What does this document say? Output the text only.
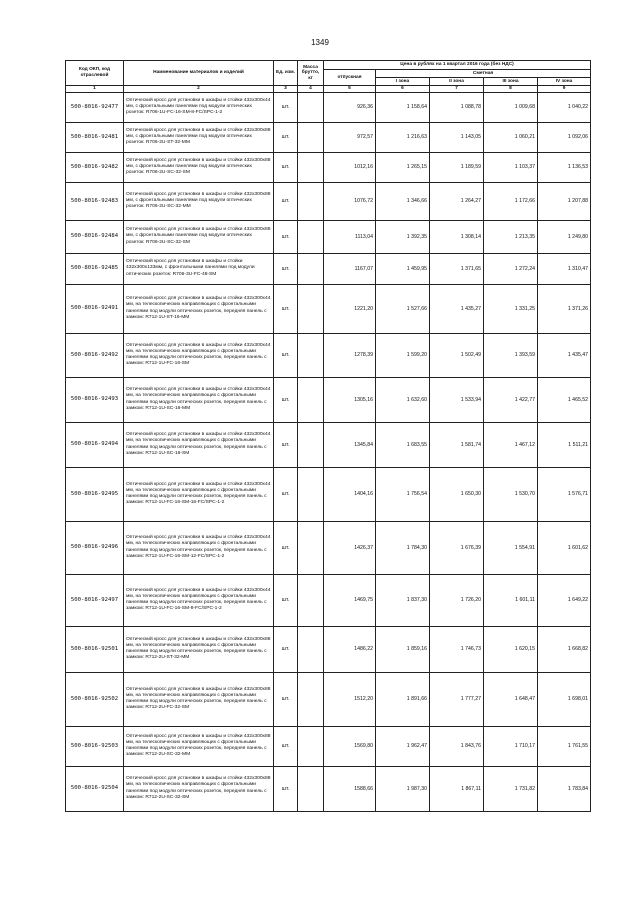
1349
Код ОКП, код отраслевой	Наименование материалов и изделий	Ед. изм.	Масса брутто, кг	Цена в рублях на 1 квартал 2016 года (без НДС)				
				отпускная	Сметная			
					I зона	II зона	III зона	IV зона
1	2	3	4	5	6	7	8	9
500-8016-92477	Оптический кросс для установки в шкафы и стойки 432x300x44 мм, с фронтальными панелями под модули оптических розеток: R706-1U-FC-16-SM-8-FC/SPC-1-2	шт.		926,36	1 158,64	1 088,78	1 009,68	1 040,22
500-8016-92481	Оптический кросс для установки в шкафы и стойки 432x300x88 мм, с фронтальными панелями под модули оптических розеток: R706-2U-ST-32-MM	шт.		972,57	1 216,63	1 143,05	1 060,21	1 092,06
500-8016-92482	Оптический кросс для установки в шкафы и стойки 432x300x88 мм, с фронтальными панелями под модули оптических розеток: R706-2U-SC-32-SM	шт.		1012,16	1 265,15	1 189,59	1 103,37	1 136,53
500-8016-92483	Оптический кросс для установки в шкафы и стойки 432x300x88 мм, с фронтальными панелями под модули оптических розеток: R706-2U-SC-32-MM	шт.		1076,72	1 346,66	1 264,27	1 172,66	1 207,88
500-8016-92484	Оптический кросс для установки в шкафы и стойки 432x300x88 мм, с фронтальными панелями под модули оптических розеток: R706-2U-SC-32-SM	шт.		1113,04	1 392,35	1 308,14	1 213,35	1 249,80
500-8016-92485	Оптический кросс для установки в шкафы и стойки 432x300x133мм, с фронтальными панелями под модули оптических розеток: R706-3U-FC-48-SM	шт.		1167,07	1 459,95	1 371,65	1 272,24	1 310,47
500-8016-92491	Оптический кросс для установки в шкафы и стойки 432x300x44 мм, на телескопических направляющих с фронтальными панелями под модули оптических розеток, передняя панель с замком: R712-1U-ST-16-MM	шт.		1221,20	1 527,66	1 435,27	1 331,25	1 371,26
500-8016-92492	Оптический кросс для установки в шкафы и стойки 432x300x44 мм, на телескопических направляющих с фронтальными панелями под модули оптических розеток, передняя панель с замком: R712-1U-FC-16-SM	шт.		1278,39	1 599,20	1 502,49	1 393,59	1 435,47
500-8016-92493	Оптический кросс для установки в шкафы и стойки 432x300x44 мм, на телескопических направляющих с фронтальными панелями под модули оптических розеток, передняя панель с замком: R712-1U-SC-16-MM	шт.		1305,16	1 632,60	1 533,94	1 422,77	1 465,52
500-8016-92494	Оптический кросс для установки в шкафы и стойки 432x300x44 мм, на телескопических направляющих с фронтальными панелями под модули оптических розеток, передняя панель с замком: R712-1U-SC-16-SM	шт.		1345,84	1 683,55	1 581,74	1 467,12	1 511,21
500-8016-92495	Оптический кросс для установки в шкафы и стойки 432x300x44 мм, на телескопических направляющих с фронтальными панелями под модули оптических розеток, передняя панель с замком: R712-1U-FC-16-SM-16-FC/SPC-1-2	шт.		1404,16	1 756,54	1 650,30	1 530,70	1 576,71
500-8016-92496	Оптический кросс для установки в шкафы и стойки 432x300x44 мм, на телескопических направляющих с фронтальными панелями под модули оптических розеток, передняя панель с замком: R712-1U-FC-16-SM-12-FC/SPC-1-2	шт.		1426,37	1 784,30	1 676,39	1 554,91	1 601,62
500-8016-92497	Оптический кросс для установки в шкафы и стойки 432x300x44 мм, на телескопических направляющих с фронтальными панелями под модули оптических розеток, передняя панель с замком: R712-1U-FC-16-SM-8-FC/SPC-1-2	шт.		1469,75	1 837,30	1 726,20	1 601,11	1 649,22
500-8016-92501	Оптический кросс для установки в шкафы и стойки 432x300x88 мм, на телескопических направляющих с фронтальными панелями под модули оптических розеток, передняя панель с замком: R712-2U-ST-32-MM	шт.		1486,22	1 859,16	1 746,73	1 620,15	1 668,82
500-8016-92502	Оптический кросс для установки в шкафы и стойки 432x300x88 мм, на телескопических направляющих с фронтальными панелями под модули оптических розеток, передняя панель с замком: R712-2U-FC-32-SM	шт.		1512,20	1 891,66	1 777,27	1 648,47	1 698,01
500-8016-92503	Оптический кросс для установки в шкафы и стойки 432x300x88 мм, на телескопических направляющих с фронтальными панелями под модули оптических розеток, передняя панель с замком: R712-2U-SC-32-MM	шт.		1569,80	1 962,47	1 843,76	1 710,17	1 761,55
500-8016-92504	Оптический кросс для установки в шкафы и стойки 432x300x88 мм, на телескопических направляющих с фронтальными панелями под модули оптических розеток, передняя панель с замком: R712-2U-SC-32-SM	шт.		1588,66	1 987,30	1 867,11	1 731,82	1 783,84
